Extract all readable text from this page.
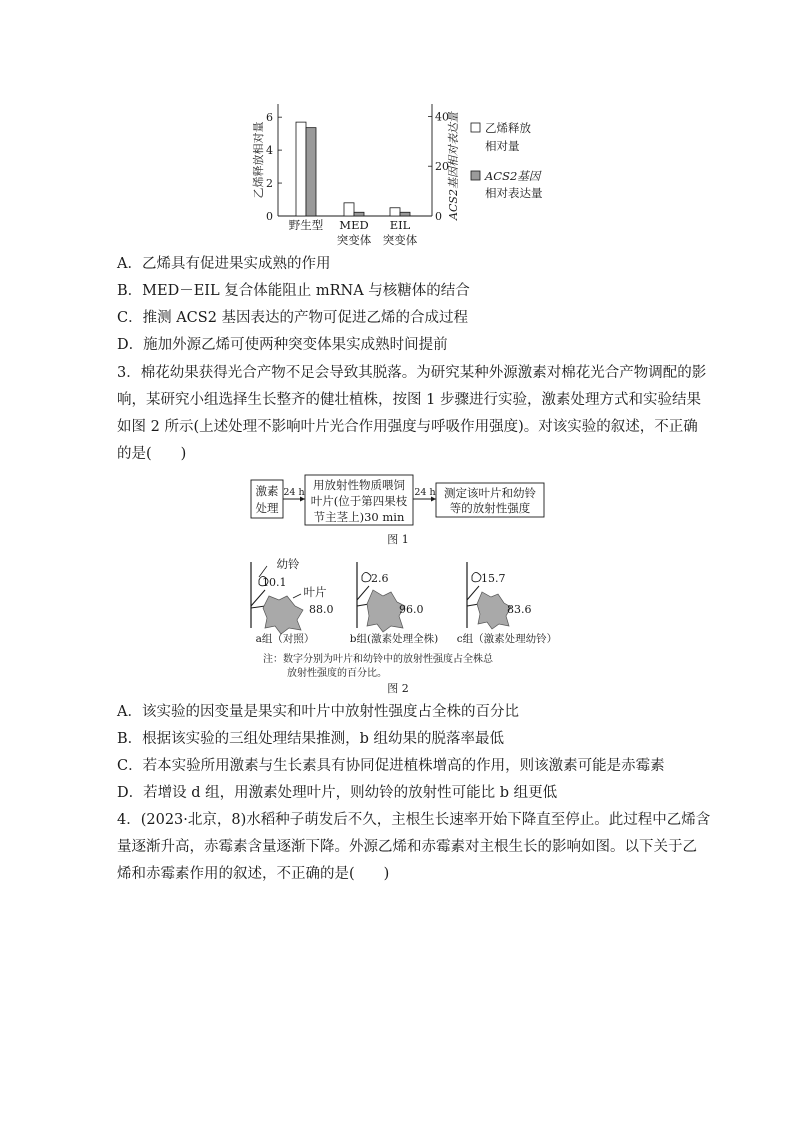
0
2
4
6
0
20
40
野生型 MED
突变体
EIL
突变体
乙烯释放相对量	ACS2基因相对表达量 乙烯释放
相对量
ACS2基因
相对表达量
A．乙烯具有促进果实成熟的作用
B．MED－EIL 复合体能阻止 mRNA 与核糖体的结合
C．推测 ACS2 基因表达的产物可促进乙烯的合成过程
D．施加外源乙烯可使两种突变体果实成熟时间提前
3．棉花幼果获得光合产物不足会导致其脱落。为研究某种外源激素对棉花光合产物调配的影
响，某研究小组选择生长整齐的健壮植株，按图 1 步骤进行实验，激素处理方式和实验结果
如图 2 所示(上述处理不影响叶片光合作用强度与呼吸作用强度)。对该实验的叙述，不正确
的是(　　)
激素
处理
24 h
用放射性物质喂饲
叶片(位于第四果枝
节主茎上)30 min
24 h 测定该叶片和幼铃
等的放射性强度
图 1
幼铃
10.1
叶片
88.0
a组（对照）
2.6
96.0
b组(激素处理全株)
15.7
83.6
c组（激素处理幼铃）
注：数字分别为叶片和幼铃中的放射性强度占全株总
放射性强度的百分比。
图 2
A．该实验的因变量是果实和叶片中放射性强度占全株的百分比
B．根据该实验的三组处理结果推测，b 组幼果的脱落率最低
C．若本实验所用激素与生长素具有协同促进植株增高的作用，则该激素可能是赤霉素
D．若增设 d 组，用激素处理叶片，则幼铃的放射性可能比 b 组更低
4．(2023·北京，8)水稻种子萌发后不久，主根生长速率开始下降直至停止。此过程中乙烯含
量逐渐升高，赤霉素含量逐渐下降。外源乙烯和赤霉素对主根生长的影响如图。以下关于乙
烯和赤霉素作用的叙述，不正确的是(　　)
